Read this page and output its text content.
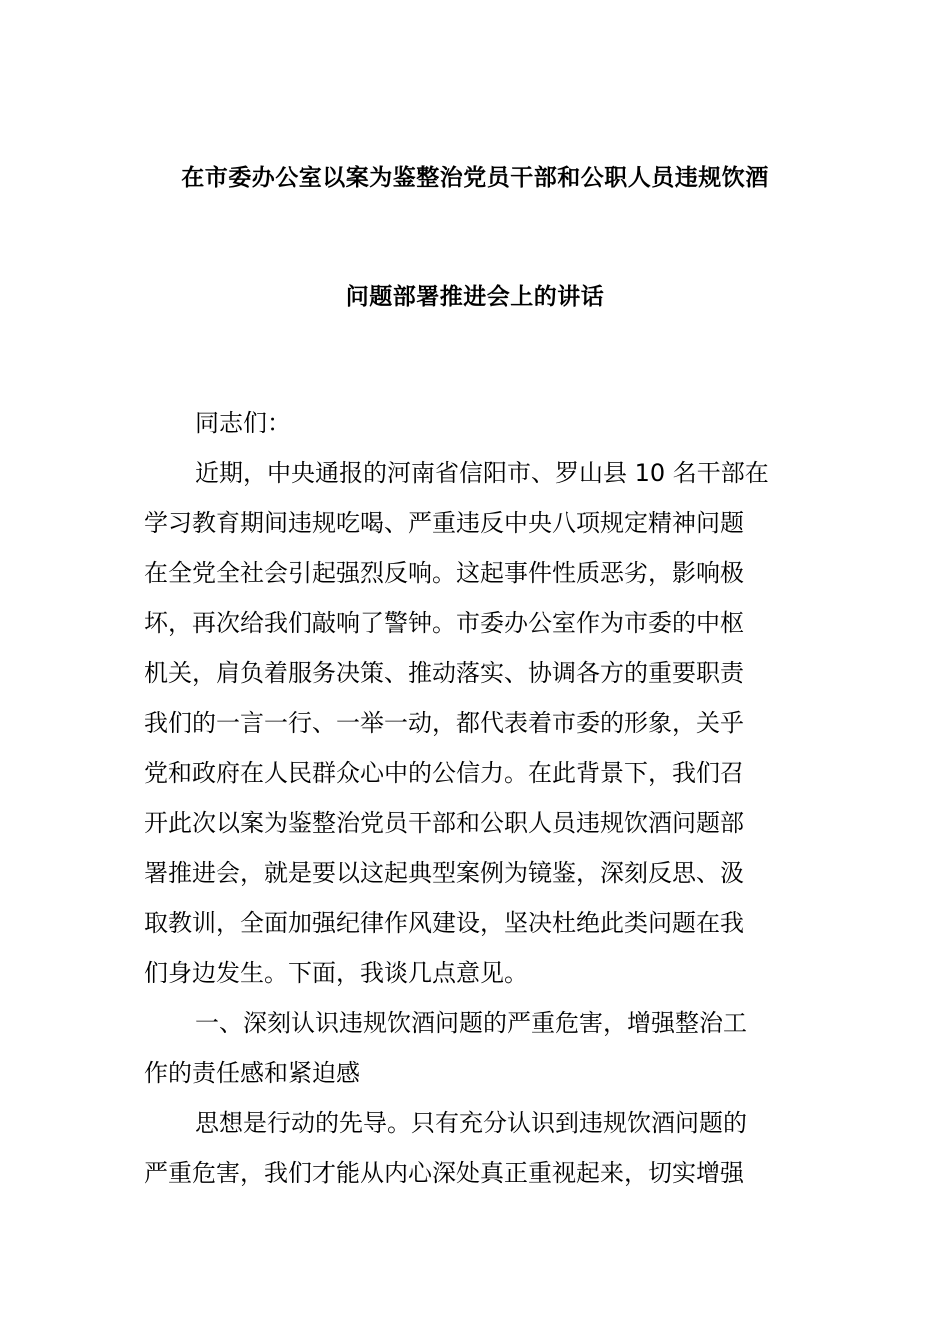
在市委办公室以案为鉴整治党员干部和公职人员违规饮酒
问题部署推进会上的讲话
同志们：
近期，中央通报的河南省信阳市、罗山县 10 名干部在
学习教育期间违规吃喝、严重违反中央八项规定精神问题
在全党全社会引起强烈反响。这起事件性质恶劣，影响极
坏，再次给我们敲响了警钟。市委办公室作为市委的中枢
机关，肩负着服务决策、推动落实、协调各方的重要职责
我们的一言一行、一举一动，都代表着市委的形象，关乎
党和政府在人民群众心中的公信力。在此背景下，我们召
开此次以案为鉴整治党员干部和公职人员违规饮酒问题部
署推进会，就是要以这起典型案例为镜鉴，深刻反思、汲
取教训，全面加强纪律作风建设，坚决杜绝此类问题在我
们身边发生。下面，我谈几点意见。
一、深刻认识违规饮酒问题的严重危害，增强整治工
作的责任感和紧迫感
思想是行动的先导。只有充分认识到违规饮酒问题的
严重危害，我们才能从内心深处真正重视起来，切实增强
